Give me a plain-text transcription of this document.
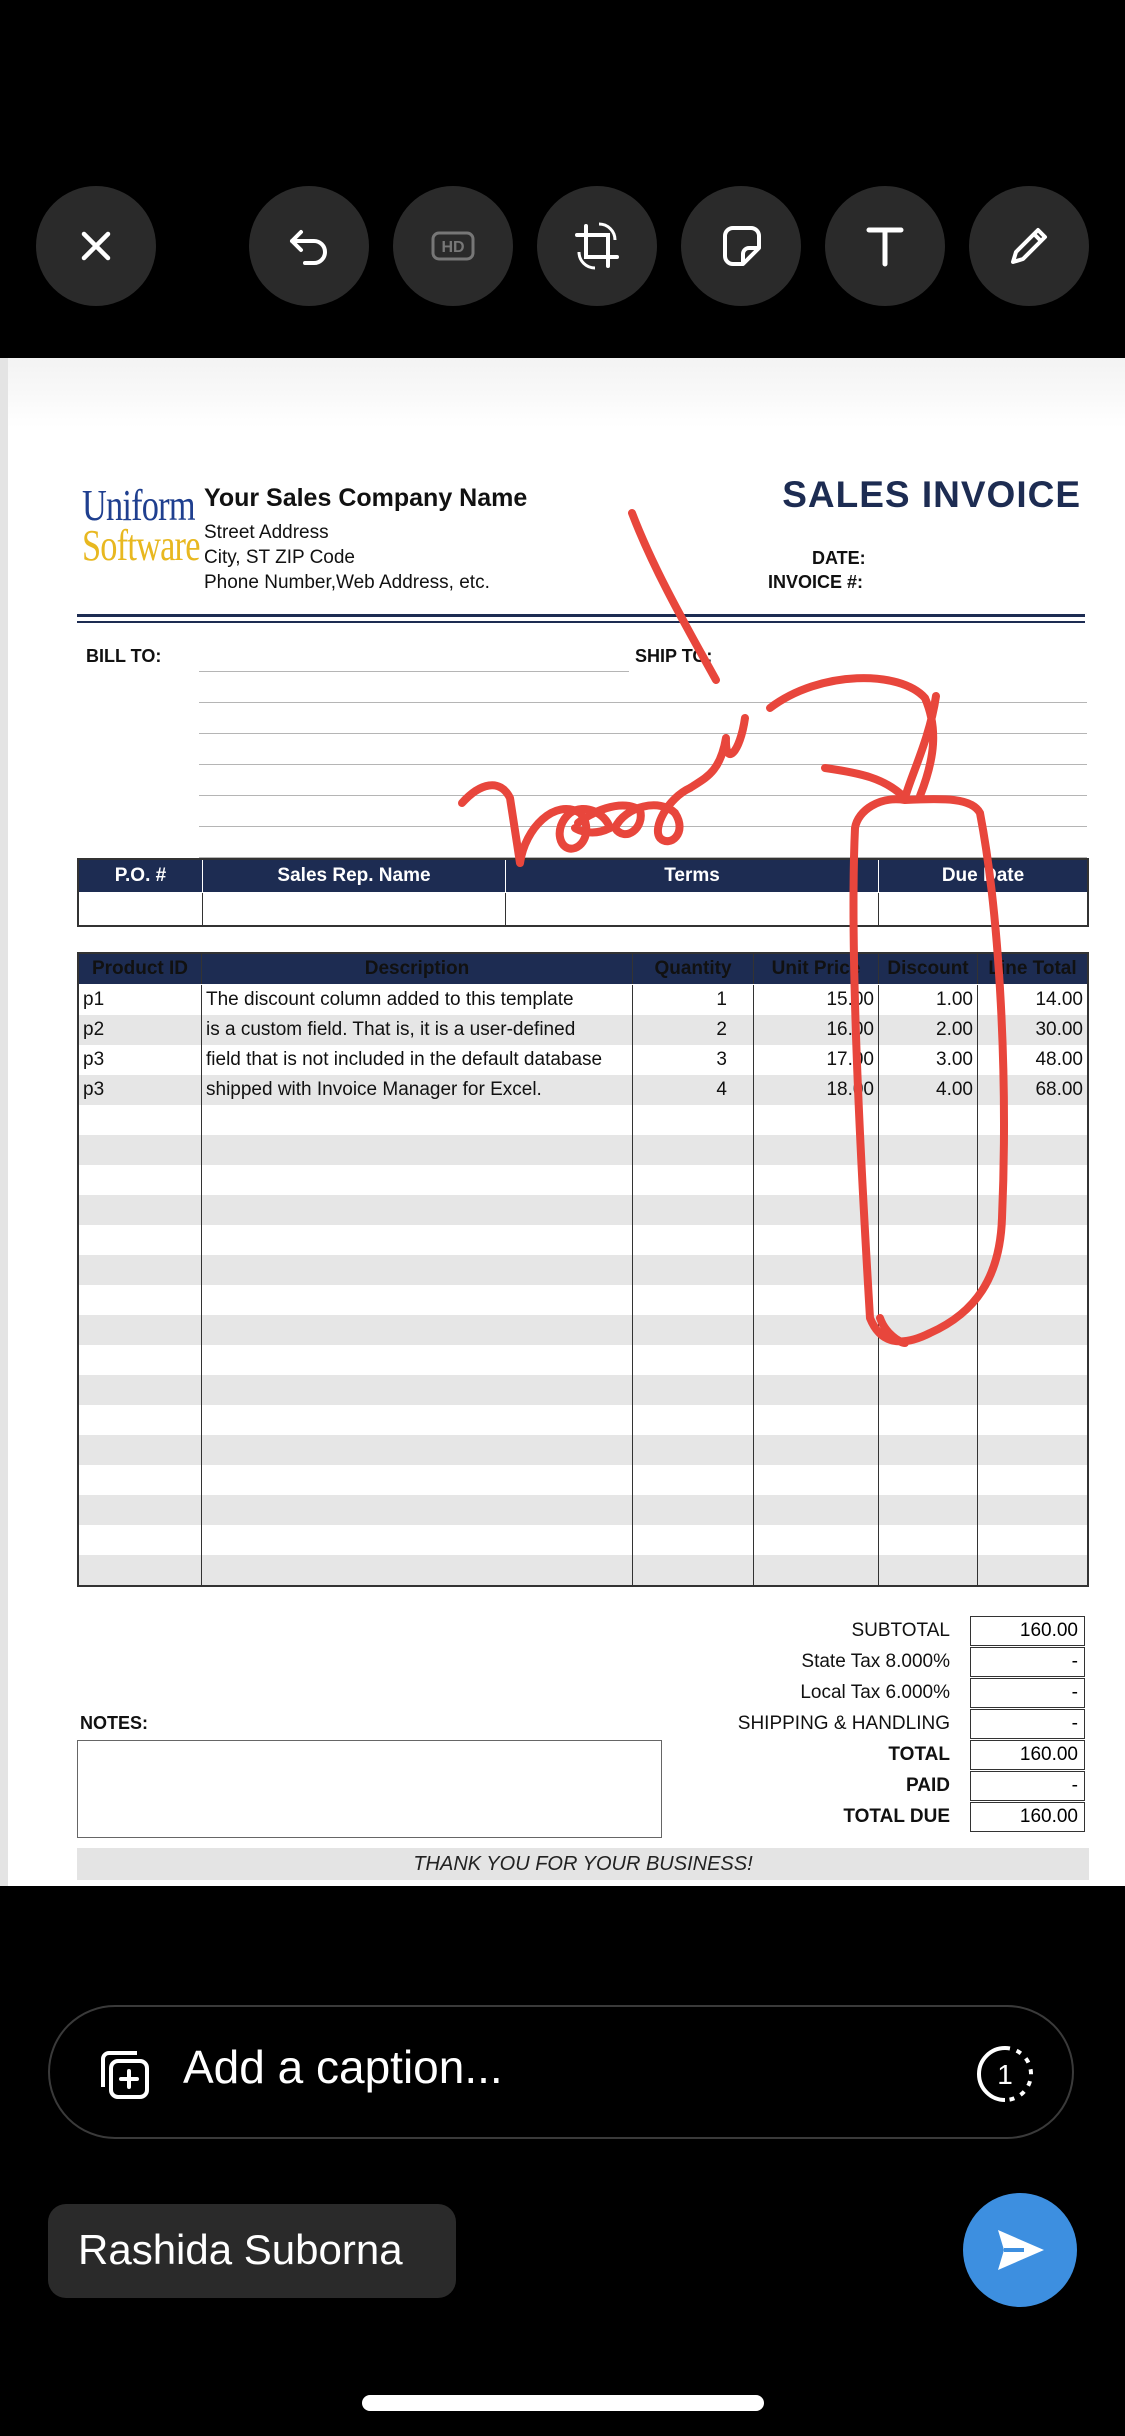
HD
Uniform
Software
Your Sales Company Name
Street Address
City, ST ZIP Code
Phone Number,Web Address, etc.
SALES INVOICE
DATE:
INVOICE #:
BILL TO:	SHIP TO:
P.O. #	Sales Rep. Name	Terms	Due Date

Product ID	Description	Quantity	Unit Price	Discount	Line Total
p1	The discount column added to this template	1	15.00	1.00	14.00
p2	is a custom field. That is, it is a user-defined	2	16.00	2.00	30.00
p3	field that is not included in the default database	3	17.00	3.00	48.00
p3	shipped with Invoice Manager for Excel.	4	18.00	4.00	68.00

SUBTOTAL	160.00
State Tax 8.000%	-
Local Tax 6.000%	-
SHIPPING & HANDLING	-
TOTAL	160.00
PAID	-
TOTAL DUE	160.00
NOTES:
THANK YOU FOR YOUR BUSINESS!
Add a caption...	1
Rashida Suborna
